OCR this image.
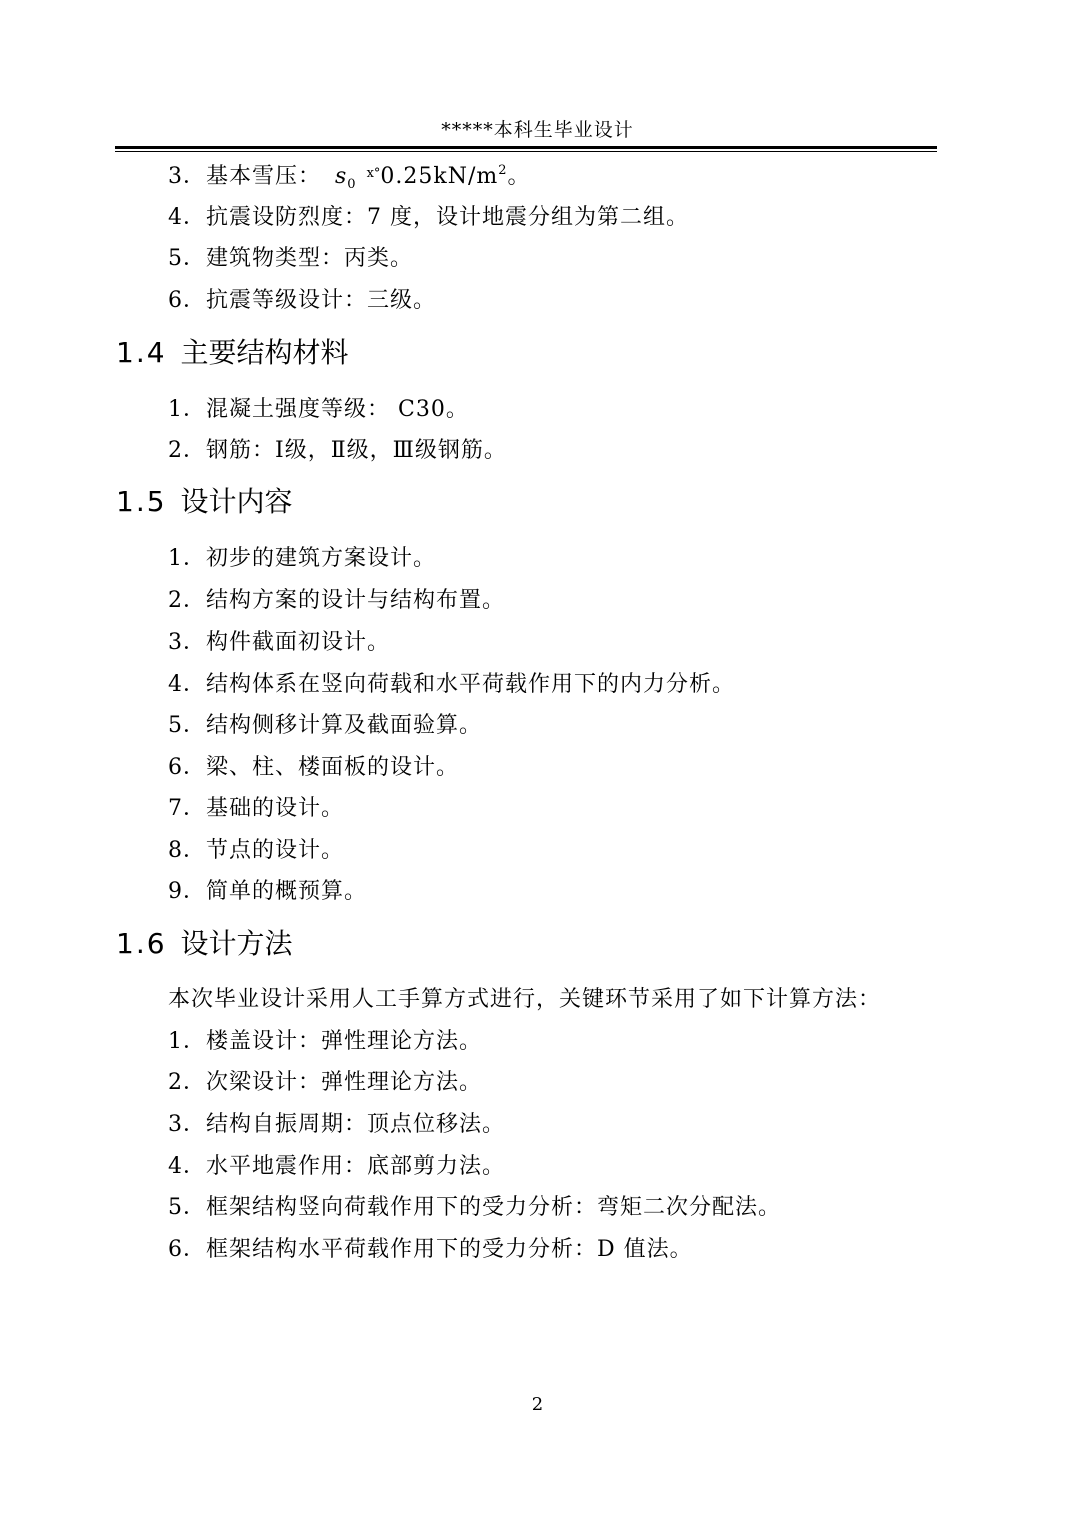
*****本科生毕业设计
3．基本雪压： $s_0^{x^\circ}0.25kN/m^2$。
4．抗震设防烈度：7 度，设计地震分组为第二组。
5．建筑物类型：丙类。
6．抗震等级设计：三级。
1.4 主要结构材料
1．混凝土强度等级： C30。
2．钢筋：Ⅰ级，Ⅱ级，Ⅲ级钢筋。
1.5 设计内容
1．初步的建筑方案设计。
2．结构方案的设计与结构布置。
3．构件截面初设计。
4．结构体系在竖向荷载和水平荷载作用下的内力分析。
5．结构侧移计算及截面验算。
6．梁、柱、楼面板的设计。
7．基础的设计。
8．节点的设计。
9．简单的概预算。
1.6 设计方法
本次毕业设计采用人工手算方式进行，关键环节采用了如下计算方法：
1．楼盖设计：弹性理论方法。
2．次梁设计：弹性理论方法。
3．结构自振周期：顶点位移法。
4．水平地震作用：底部剪力法。
5．框架结构竖向荷载作用下的受力分析：弯矩二次分配法。
6．框架结构水平荷载作用下的受力分析：D 值法。
2
